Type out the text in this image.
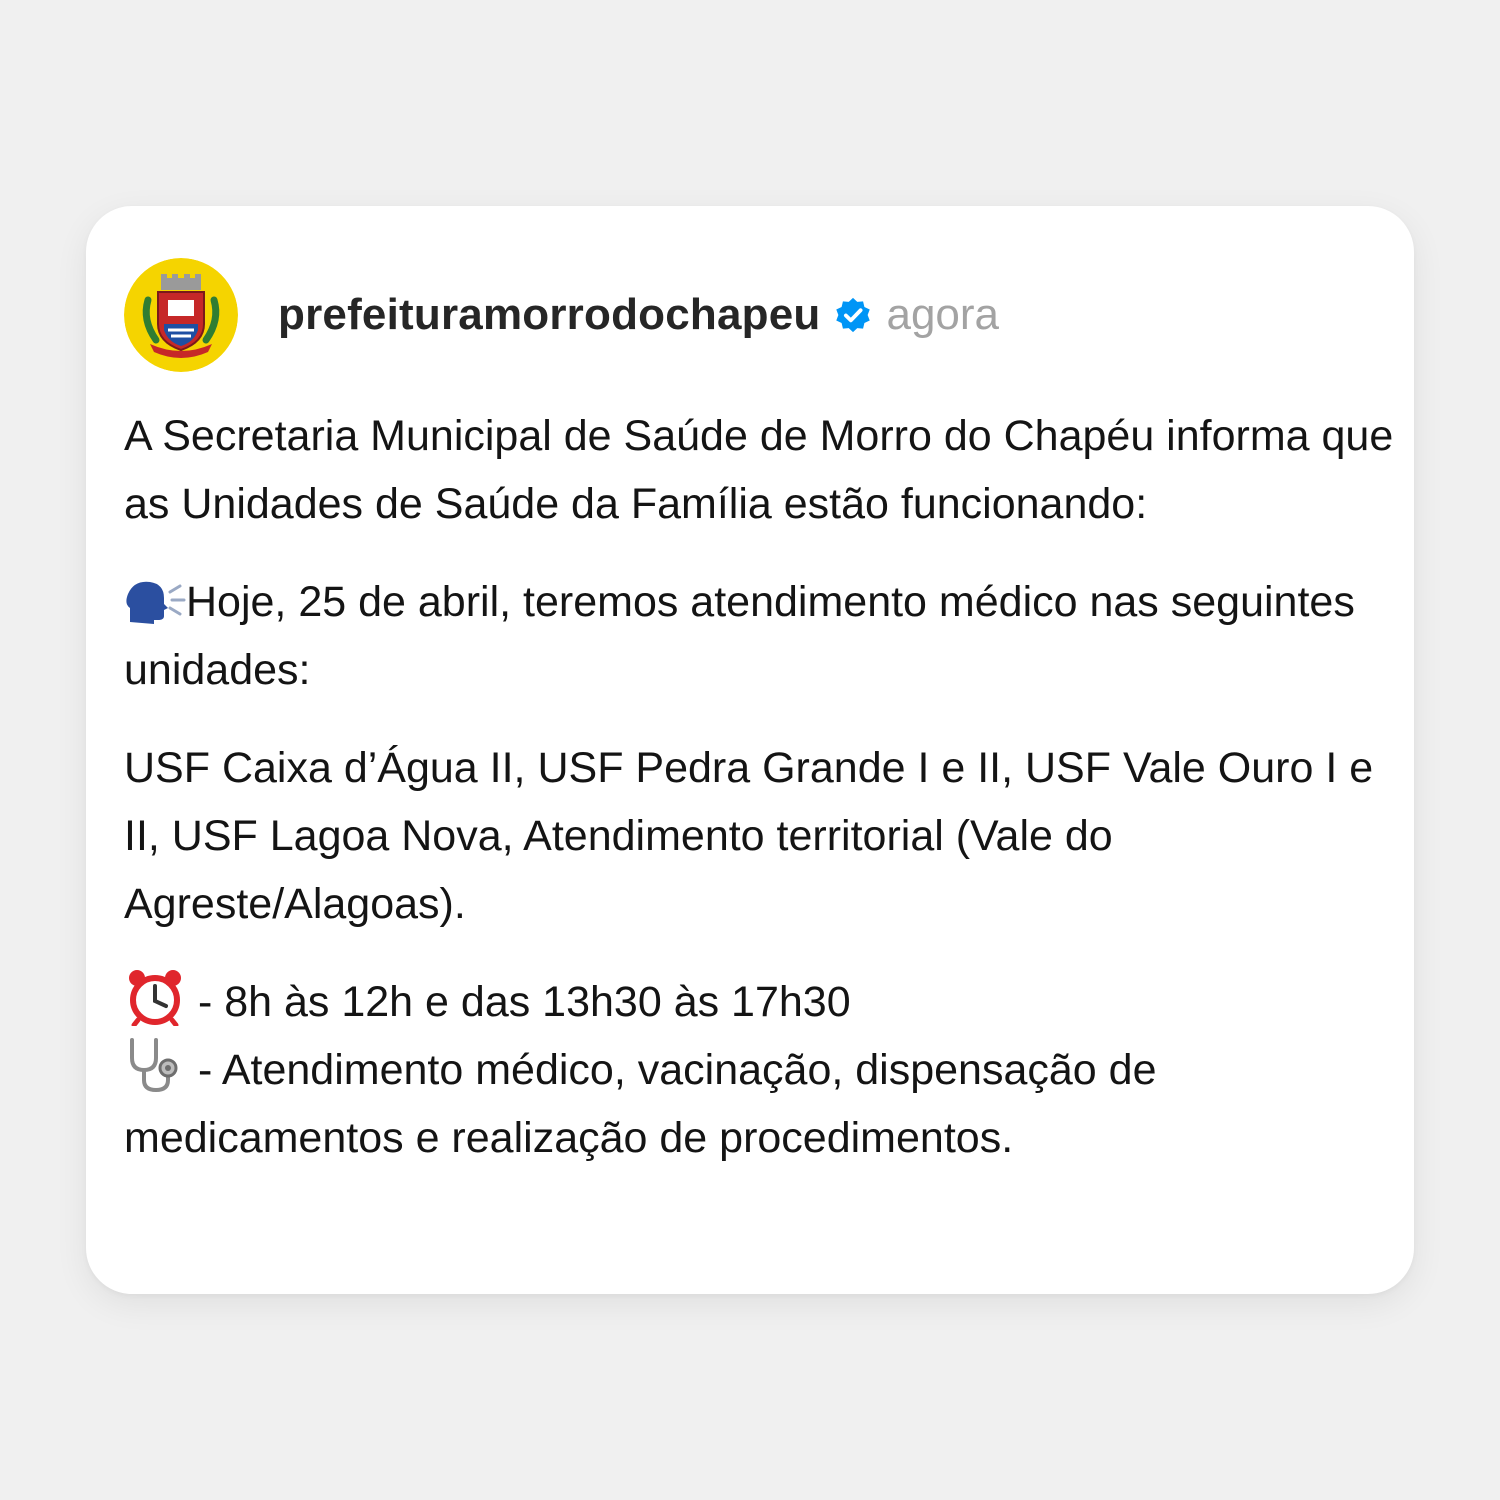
prefeituramorrodochapeu agora

A Secretaria Municipal de Saúde de Morro do Chapéu informa que as Unidades de Saúde da Família estão funcionando:

Hoje, 25 de abril, teremos atendimento médico nas seguintes unidades:

USF Caixa d’Água II, USF Pedra Grande I e II, USF Vale Ouro I e II, USF Lagoa Nova, Atendimento territorial (Vale do Agreste/Alagoas).

- 8h às 12h e das 13h30 às 17h30

- Atendimento médico, vacinação, dispensação de medicamentos e realização de procedimentos.
